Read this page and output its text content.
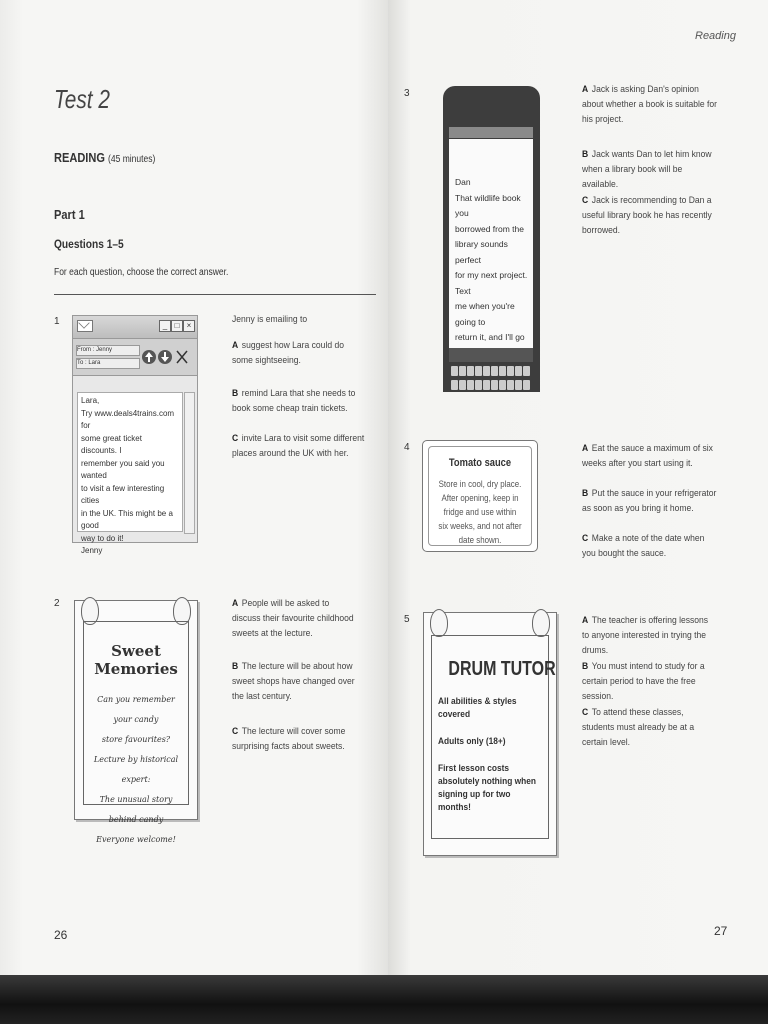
Test 2
READING (45 minutes)
Part 1
Questions 1–5
For each question, choose the correct answer.
1	_ □ ×
From : Jenny
To : Lara
Lara,
Try www.deals4trains.com for
some great ticket discounts. I
remember you said you wanted
to visit a few interesting cities
in the UK. This might be a good
way to do it!
Jenny
Jenny is emailing to
A suggest how Lara could do some sightseeing.
B remind Lara that she needs to book some cheap train tickets.
C invite Lara to visit some different places around the UK with her.
2
Sweet Memories

Can you remember your candy

store favourites?

Lecture by historical expert:

The unusual story behind candy

Everyone welcome!

A People will be asked to discuss their favourite childhood sweets at the lecture.
B The lecture will be about how sweet shops have changed over the last century.
C The lecture will cover some surprising facts about sweets.
26
Reading
3
Dan
That wildlife book you
borrowed from the
library sounds perfect
for my next project. Text
me when you're going to
return it, and I'll go
A Jack is asking Dan's opinion about whether a book is suitable for his project.
B Jack wants Dan to let him know when a library book will be available.
C Jack is recommending to Dan a useful library book he has recently borrowed.
4
Tomato sauce

Store in cool, dry place. After opening, keep in fridge and use within six weeks, and not after date shown.

A Eat the sauce a maximum of six weeks after you start using it.
B Put the sauce in your refrigerator as soon as you bring it home.
C Make a note of the date when you bought the sauce.
5
DRUM TUTOR

All abilities & styles covered

Adults only (18+)

First lesson costs absolutely nothing when signing up for two months!

A The teacher is offering lessons to anyone interested in trying the drums.
B You must intend to study for a certain period to have the free session.
C To attend these classes, students must already be at a certain level.
27
